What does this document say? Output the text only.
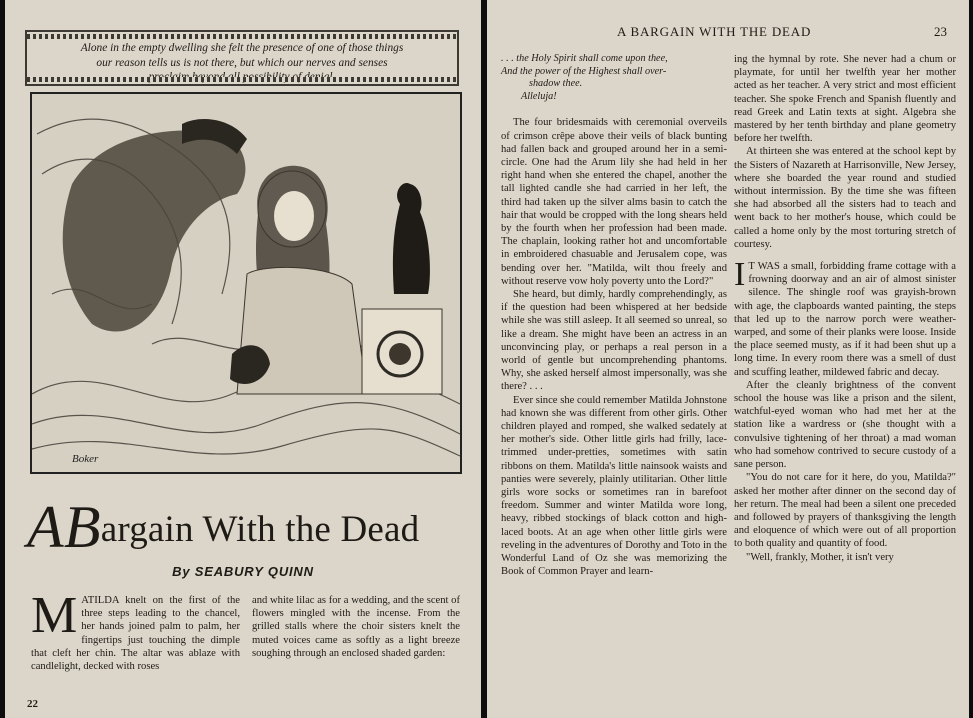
Alone in the empty dwelling she felt the presence of one of those things
our reason tells us is not there, but which our nerves and senses
Boker
ABargain With the Dead
By SEABURY QUINN

MATILDA knelt on the first of the three steps leading to the chancel, her hands joined palm to palm, her fingertips just touching the dimple that cleft her chin. The altar was ablaze with candlelight, decked with roses

and white lilac as for a wedding, and the scent of flowers mingled with the incense. From the grilled stalls where the choir sisters knelt the muted voices came as softly as a light breeze soughing through an enclosed shaded garden:

22
A BARGAIN WITH THE DEAD	23
. . . the Holy Spirit shall come upon thee,
And the power of the Highest shall over-
shadow thee.
Alleluja!

The four bridesmaids with ceremonial overveils of crimson crêpe above their veils of black bunting had fallen back and grouped around her in a semi-circle. One had the Arum lily she had held in her right hand when she entered the chapel, another the tall lighted candle she had carried in her left, the third had taken up the silver alms basin to catch the hair that would be cropped with the long shears held by the fourth when her profession had been made. The chaplain, looking rather hot and uncomfortable in embroidered chasuable and Jerusalem cope, was bending over her. "Matilda, wilt thou freely and without reserve vow holy poverty unto the Lord?"

She heard, but dimly, hardly comprehendingly, as if the question had been whispered at her bedside while she was still asleep. It all seemed so unreal, so like a dream. She might have been an actress in an unconvincing play, or perhaps a real person in a world of gentle but uncomprehending phantoms. Why, she asked herself almost impersonally, was she there? . . .

Ever since she could remember Matilda Johnstone had known she was different from other girls. Other children played and romped, she walked sedately at her mother's side. Other little girls had frilly, lace-trimmed under-pretties, sometimes with satin ribbons on them. Matilda's little nainsook waists and panties were severely, plainly utilitarian. Other little girls wore socks or sometimes ran in barefoot freedom. Summer and winter Matilda wore long, heavy, ribbed stockings of black cotton and high-laced boots. At an age when other little girls were reveling in the adventures of Dorothy and Toto in the Wonderful Land of Oz she was memorizing the Book of Common Prayer and learn-

ing the hymnal by rote. She never had a chum or playmate, for until her twelfth year her mother acted as her teacher. A very strict and most efficient teacher. She spoke French and Spanish fluently and read Greek and Latin texts at sight. Algebra she mastered by her tenth birthday and plane geometry before her twelfth.

At thirteen she was entered at the school kept by the Sisters of Nazareth at Harrisonville, New Jersey, where she boarded the year round and studied without intermission. By the time she was fifteen she had absorbed all the sisters had to teach and went back to her mother's house, which could be called a home only by the most torturing stretch of courtesy.

I T WAS a small, forbidding frame cottage with a frowning doorway and an air of almost sinister silence. The shingle roof was grayish-brown with age, the clapboards wanted painting, the steps that led up to the narrow porch were weather-warped, and some of their planks were loose. Inside the place seemed musty, as if it had been shut up a long time. In every room there was a smell of dust and scuffing leather, mildewed fabric and decay.

After the cleanly brightness of the convent school the house was like a prison and the silent, watchful-eyed woman who had met her at the station like a wardress or (she thought with a convulsive tightening of her throat) a mad woman who had somehow contrived to secure custody of a sane person.

"You do not care for it here, do you, Matilda?" asked her mother after dinner on the second day of her return. The meal had been a silent one preceded and followed by prayers of thanksgiving the length and eloquence of which were out of all proportion to both quality and quantity of food.

"Well, frankly, Mother, it isn't very
